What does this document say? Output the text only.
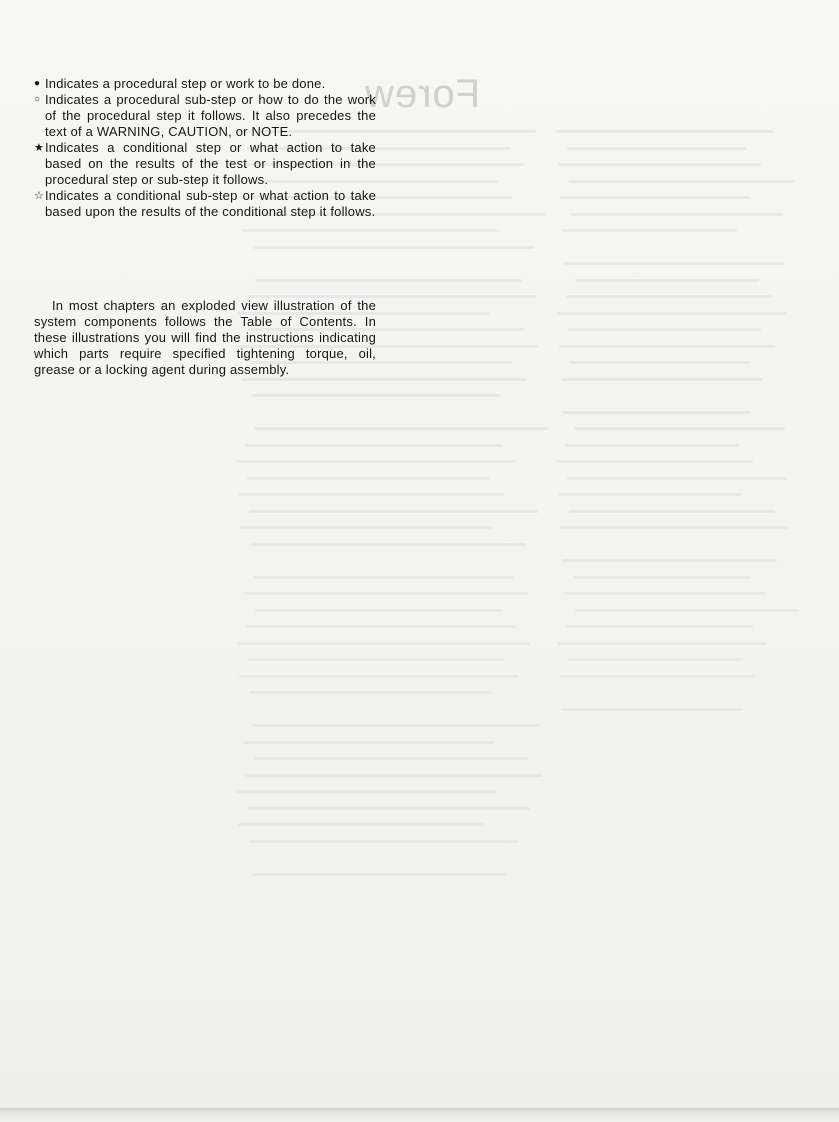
Forew
● Indicates a procedural step or work to be done.
○ Indicates a procedural sub-step or how to do the work of the procedural step it follows. It also precedes the text of a WARNING, CAUTION, or NOTE.
★ Indicates a conditional step or what action to take based on the results of the test or inspection in the procedural step or sub-step it follows.
☆ Indicates a conditional sub-step or what action to take based upon the results of the conditional step it follows.

In most chapters an exploded view illustration of the system components follows the Table of Contents. In these illustrations you will find the instructions indicating which parts require specified tightening torque, oil, grease or a locking agent during assembly.
